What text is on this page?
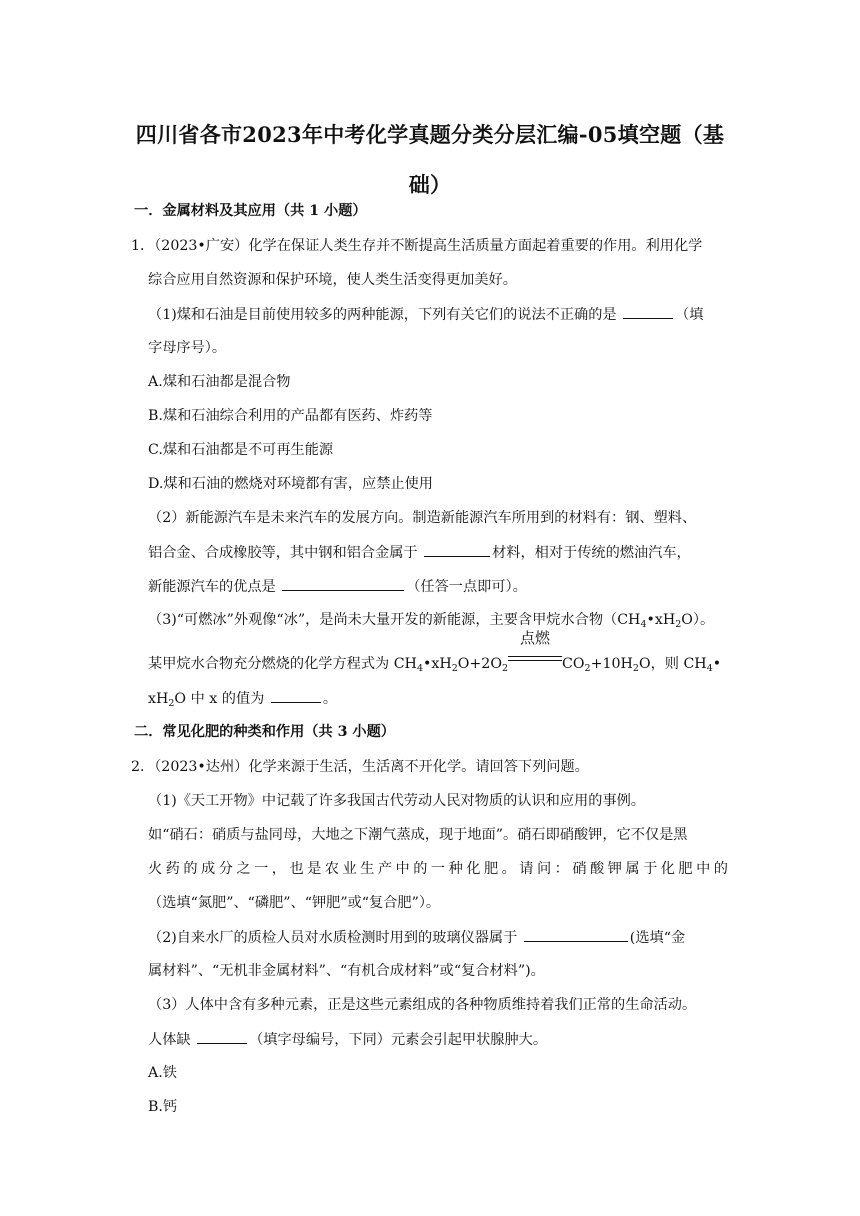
四川省各市2023年中考化学真题分类分层汇编-05填空题（基
础）
一．金属材料及其应用（共 1 小题）
1．（2023•广安）化学在保证人类生存并不断提高生活质量方面起着重要的作用。利用化学
综合应用自然资源和保护环境，使人类生活变得更加美好。
（1)煤和石油是目前使用较多的两种能源，下列有关它们的说法不正确的是	（填
字母序号）。
A.煤和石油都是混合物
B.煤和石油综合利用的产品都有医药、炸药等
C.煤和石油都是不可再生能源
D.煤和石油的燃烧对环境都有害，应禁止使用
（2）新能源汽车是未来汽车的发展方向。制造新能源汽车所用到的材料有：钢、塑料、
铝合金、合成橡胶等，其中钢和铝合金属于	材料，相对于传统的燃油汽车，
新能源汽车的优点是	（任答一点即可）。
（3)“可燃冰”外观像“冰”，是尚未大量开发的新能源，主要含甲烷水合物$(CH_4•xH_2O)$。
某甲烷水合物充分燃烧的化学方程式为 $CH_4•xH_2O+2O_2$
点燃
$CO_2+10H_2O$，则 $CH_4•$
$xH_2O$ 中 x 的值为	。
二．常见化肥的种类和作用（共 3 小题）
2．（2023•达州）化学来源于生活，生活离不开化学。请回答下列问题。
（1)《天工开物》中记载了许多我国古代劳动人民对物质的认识和应用的事例。
如“硝石：硝质与盐同母，大地之下潮气蒸成，现于地面”。硝石即硝酸钾，它不仅是黑
火药的成分之一，也是农业生产中的一种化肥。请问：硝酸钾属于化肥中的
（选填“氮肥”、“磷肥”、“钾肥”或“复合肥”）。
（2)自来水厂的质检人员对水质检测时用到的玻璃仪器属于	(选填“金
属材料”、“无机非金属材料”、“有机合成材料”或“复合材料”)。
（3）人体中含有多种元素，正是这些元素组成的各种物质维持着我们正常的生命活动。
人体缺	（填字母编号，下同）元素会引起甲状腺肿大。
A.铁
B.钙
